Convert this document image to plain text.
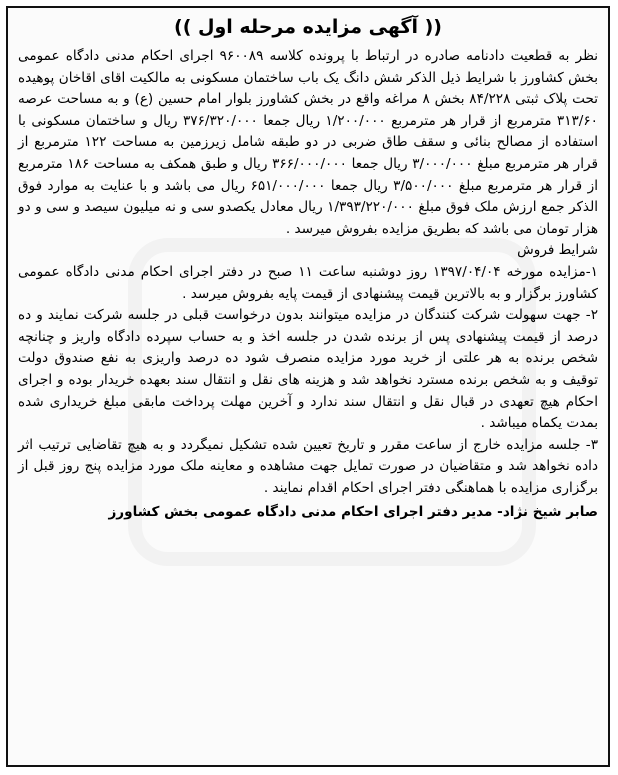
(( آگهی مزایده مرحله اول ))

نظر به قطعیت دادنامه صادره در ارتباط با پرونده کلاسه ۹۶۰۰۸۹ اجرای احکام مدنی دادگاه عمومی بخش کشاورز با شرایط ذیل الذکر شش دانگ یک باب ساختمان مسکونی به مالکیت اقای اقاخان پوهیده تحت پلاک ثبتی ۸۴/۲۲۸ بخش ۸ مراغه واقع در بخش کشاورز بلوار امام حسین (ع) و به مساحت عرصه ۳۱۳/۶۰ مترمربع از قرار هر مترمربع ۱/۲۰۰/۰۰۰ ریال جمعا ۳۷۶/۳۲۰/۰۰۰ ریال و ساختمان مسکونی با استفاده از مصالح بنائی و سقف طاق ضربی در دو طبقه شامل زیرزمین به مساحت ۱۲۲ مترمربع از قرار هر مترمربع مبلغ ۳/۰۰۰/۰۰۰ ریال جمعا ۳۶۶/۰۰۰/۰۰۰ ریال و طبق همکف به مساحت ۱۸۶ مترمربع از قرار هر مترمربع مبلغ ۳/۵۰۰/۰۰۰ ریال جمعا ۶۵۱/۰۰۰/۰۰۰ ریال می باشد و با عنایت به موارد فوق الذکر جمع ارزش ملک فوق مبلغ ۱/۳۹۳/۲۲۰/۰۰۰ ریال معادل یکصدو سی و نه میلیون سیصد و سی و دو هزار تومان می باشد که بطریق مزایده بفروش میرسد .

شرایط فروش

۱-مزایده مورخه ۱۳۹۷/۰۴/۰۴ روز دوشنبه ساعت ۱۱ صبح در دفتر اجرای احکام مدنی دادگاه عمومی کشاورز برگزار و به بالاترین قیمت پیشنهادی از قیمت پایه بفروش میرسد .

۲- جهت سهولت شرکت کنندگان در مزایده میتوانند بدون درخواست قبلی در جلسه شرکت نمایند و ده درصد از قیمت پیشنهادی پس از برنده شدن در جلسه اخذ و به حساب سپرده دادگاه واریز و چنانچه شخص برنده به هر علتی از خرید مورد مزایده منصرف شود ده درصد واریزی به نفع صندوق دولت توقیف و به شخص برنده مسترد نخواهد شد و هزینه های نقل و انتقال سند بعهده خریدار بوده و اجرای احکام هیچ تعهدی در قبال نقل و انتقال سند ندارد و آخرین مهلت پرداخت مابقی مبلغ خریداری شده بمدت یکماه میباشد .

۳- جلسه مزایده خارج از ساعت مقرر و تاریخ تعیین شده تشکیل نمیگردد و به هیچ تقاضایی ترتیب اثر داده نخواهد شد و متقاضیان در صورت تمایل جهت مشاهده و معاینه ملک مورد مزایده پنج روز قبل از برگزاری مزایده با هماهنگی دفتر اجرای احکام اقدام نمایند .

صابر شیخ نژاد- مدیر دفتر اجرای احکام مدنی دادگاه عمومی بخش کشاورز
